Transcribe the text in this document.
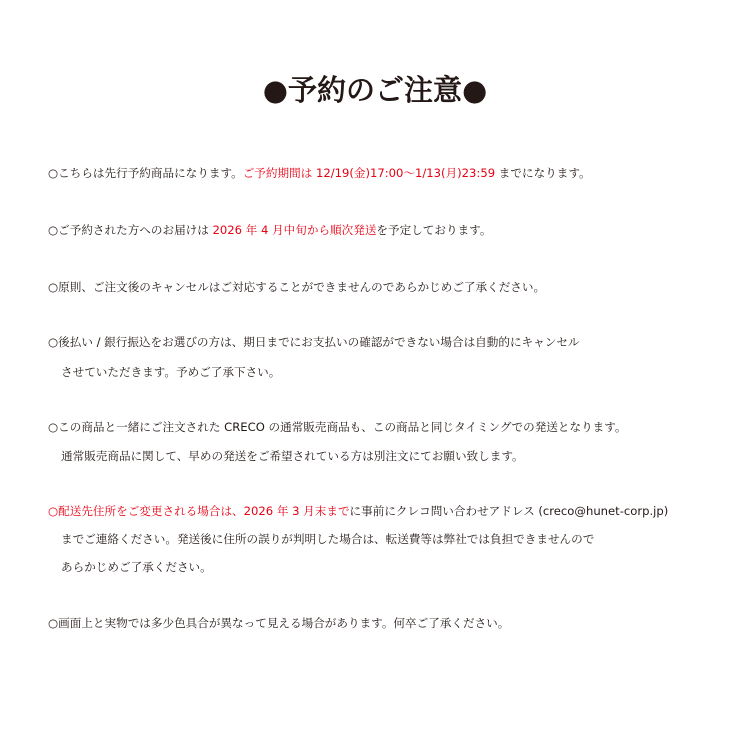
●予約のご注意●
○こちらは先行予約商品になります。ご予約期間は 12/19(金)17:00〜1/13(月)23:59 までになります。
○ご予約された方へのお届けは 2026 年 4 月中旬から順次発送を予定しております。
○原則、ご注文後のキャンセルはご対応することができませんのであらかじめご了承ください。
○後払い / 銀行振込をお選びの方は、期日までにお支払いの確認ができない場合は自動的にキャンセル
させていただきます。予めご了承下さい。
○この商品と一緒にご注文された CRECO の通常販売商品も、この商品と同じタイミングでの発送となります。
通常販売商品に関して、早めの発送をご希望されている方は別注文にてお願い致します。
○配送先住所をご変更される場合は、2026 年 3 月末までに事前にクレコ問い合わせアドレス (creco@hunet-corp.jp)
までご連絡ください。発送後に住所の誤りが判明した場合は、転送費等は弊社では負担できませんので
あらかじめご了承ください。
○画面上と実物では多少色具合が異なって見える場合があります。何卒ご了承ください。
